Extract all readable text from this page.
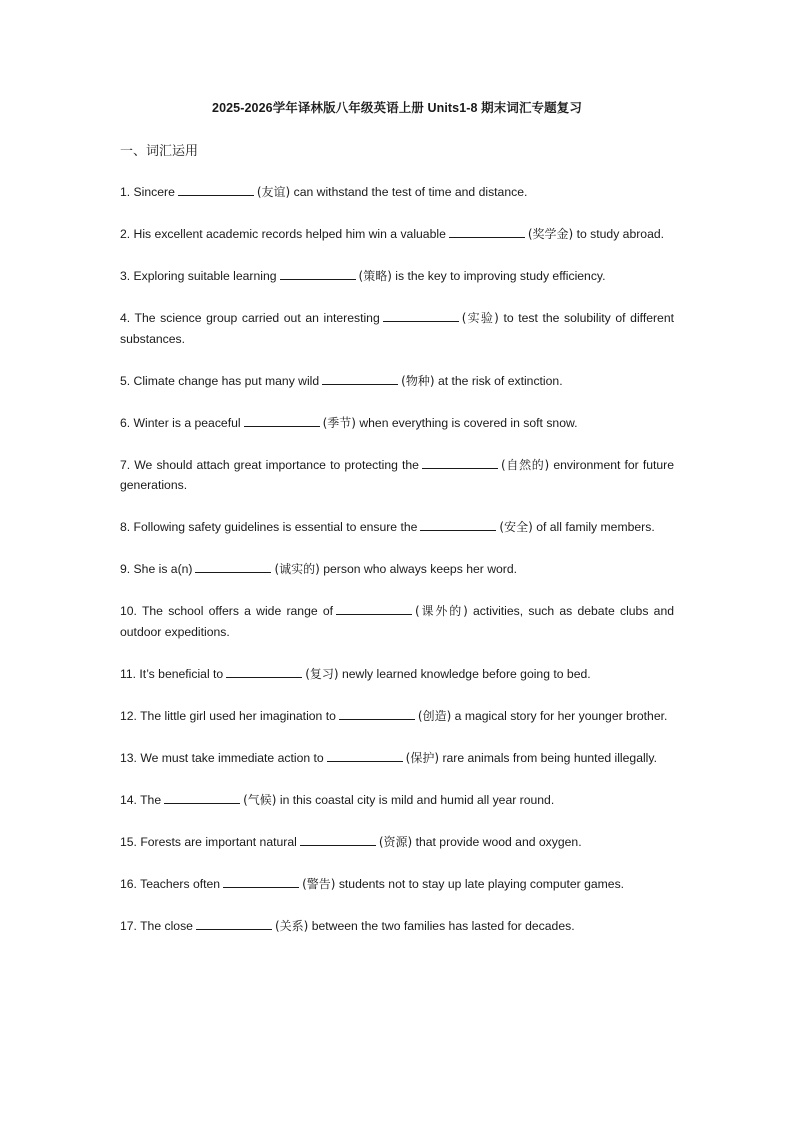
2025-2026学年译林版八年级英语上册 Units1-8 期末词汇专题复习
一、词汇运用
1. Sincere	(友谊) can withstand the test of time and distance.
2. His excellent academic records helped him win a valuable	(奖学金) to study abroad.
3. Exploring suitable learning	(策略) is the key to improving study efficiency.
4. The science group carried out an interesting	(实验) to test the solubility of different substances.
5. Climate change has put many wild	(物种) at the risk of extinction.
6. Winter is a peaceful	(季节) when everything is covered in soft snow.
7. We should attach great importance to protecting the	(自然的) environment for future generations.
8. Following safety guidelines is essential to ensure the	(安全) of all family members.
9. She is a(n)	(诚实的) person who always keeps her word.
10. The school offers a wide range of	(课外的) activities, such as debate clubs and outdoor expeditions.
11. It’s beneficial to	(复习) newly learned knowledge before going to bed.
12. The little girl used her imagination to	(创造) a magical story for her younger brother.
13. We must take immediate action to	(保护) rare animals from being hunted illegally.
14. The	(气候) in this coastal city is mild and humid all year round.
15. Forests are important natural	(资源) that provide wood and oxygen.
16. Teachers often	(警告) students not to stay up late playing computer games.
17. The close	(关系) between the two families has lasted for decades.
